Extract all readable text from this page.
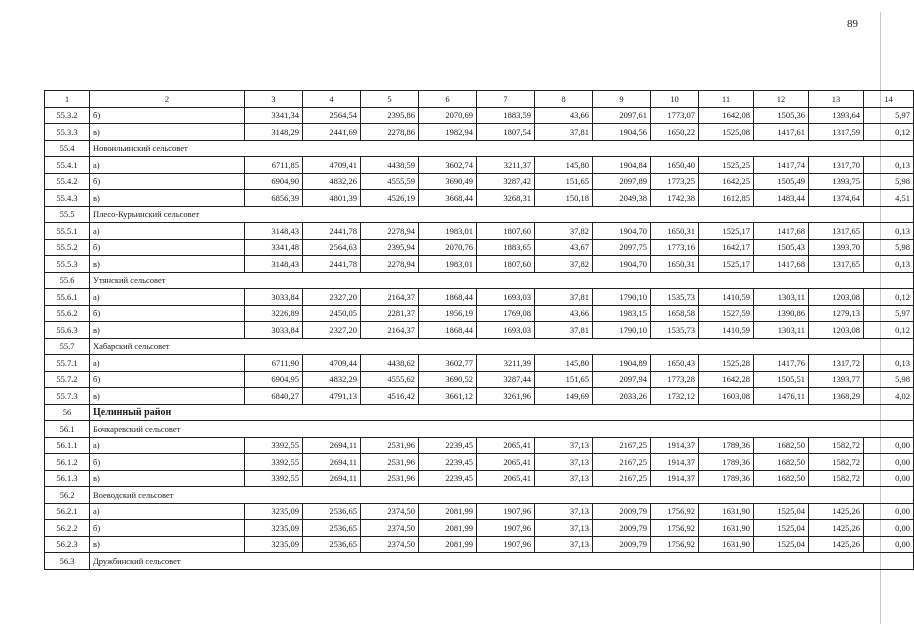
89
1	2	3	4	5	6	7	8	9	10	11	12	13	14
55.3.2	б)	3341,34	2564,54	2395,86	2070,69	1883,59	43,66	2097,61	1773,07	1642,08	1505,36	1393,64	5,97
55.3.3	в)	3148,29	2441,69	2278,86	1982,94	1807,54	37,81	1904,56	1650,22	1525,08	1417,61	1317,59	0,12
55.4	Новоильинский сельсовет												
55.4.1	а)	6711,85	4709,41	4438,59	3602,74	3211,37	145,80	1904,84	1650,40	1525,25	1417,74	1317,70	0,13
55.4.2	б)	6904,90	4832,26	4555,59	3690,49	3287,42	151,65	2097,89	1773,25	1642,25	1505,49	1393,75	5,98
55.4.3	в)	6856,39	4801,39	4526,19	3668,44	3268,31	150,18	2049,38	1742,38	1612,85	1483,44	1374,64	4,51
55.5	Плесо-Курьинский сельсовет												
55.5.1	а)	3148,43	2441,78	2278,94	1983,01	1807,60	37,82	1904,70	1650,31	1525,17	1417,68	1317,65	0,13
55.5.2	б)	3341,48	2564,63	2395,94	2070,76	1883,65	43,67	2097,75	1773,16	1642,17	1505,43	1393,70	5,98
55.5.3	в)	3148,43	2441,78	2278,94	1983,01	1807,60	37,82	1904,70	1650,31	1525,17	1417,68	1317,65	0,13
55.6	Утянский сельсовет												
55.6.1	а)	3033,84	2327,20	2164,37	1868,44	1693,03	37,81	1790,10	1535,73	1410,59	1303,11	1203,08	0,12
55.6.2	б)	3226,89	2450,05	2281,37	1956,19	1769,08	43,66	1983,15	1658,58	1527,59	1390,86	1279,13	5,97
55.6.3	в)	3033,84	2327,20	2164,37	1868,44	1693,03	37,81	1790,10	1535,73	1410,59	1303,11	1203,08	0,12
55.7	Хабарский сельсовет												
55.7.1	а)	6711,90	4709,44	4438,62	3602,77	3211,39	145,80	1904,89	1650,43	1525,28	1417,76	1317,72	0,13
55.7.2	б)	6904,95	4832,29	4555,62	3690,52	3287,44	151,65	2097,94	1773,28	1642,28	1505,51	1393,77	5,98
55.7.3	в)	6840,27	4791,13	4516,42	3661,12	3261,96	149,69	2033,26	1732,12	1603,08	1476,11	1368,29	4,02
56	Целинный район												
56.1	Бочкаревский сельсовет												
56.1.1	а)	3392,55	2694,11	2531,96	2239,45	2065,41	37,13	2167,25	1914,37	1789,36	1682,50	1582,72	0,00
56.1.2	б)	3392,55	2694,11	2531,96	2239,45	2065,41	37,13	2167,25	1914,37	1789,36	1682,50	1582,72	0,00
56.1.3	в)	3392,55	2694,11	2531,96	2239,45	2065,41	37,13	2167,25	1914,37	1789,36	1682,50	1582,72	0,00
56.2	Воеводский сельсовет												
56.2.1	а)	3235,09	2536,65	2374,50	2081,99	1907,96	37,13	2009,79	1756,92	1631,90	1525,04	1425,26	0,00
56.2.2	б)	3235,09	2536,65	2374,50	2081,99	1907,96	37,13	2009,79	1756,92	1631,90	1525,04	1425,26	0,00
56.2.3	в)	3235,09	2536,65	2374,50	2081,99	1907,96	37,13	2009,79	1756,92	1631,90	1525,04	1425,26	0,00
56.3	Дружбинский сельсовет												
